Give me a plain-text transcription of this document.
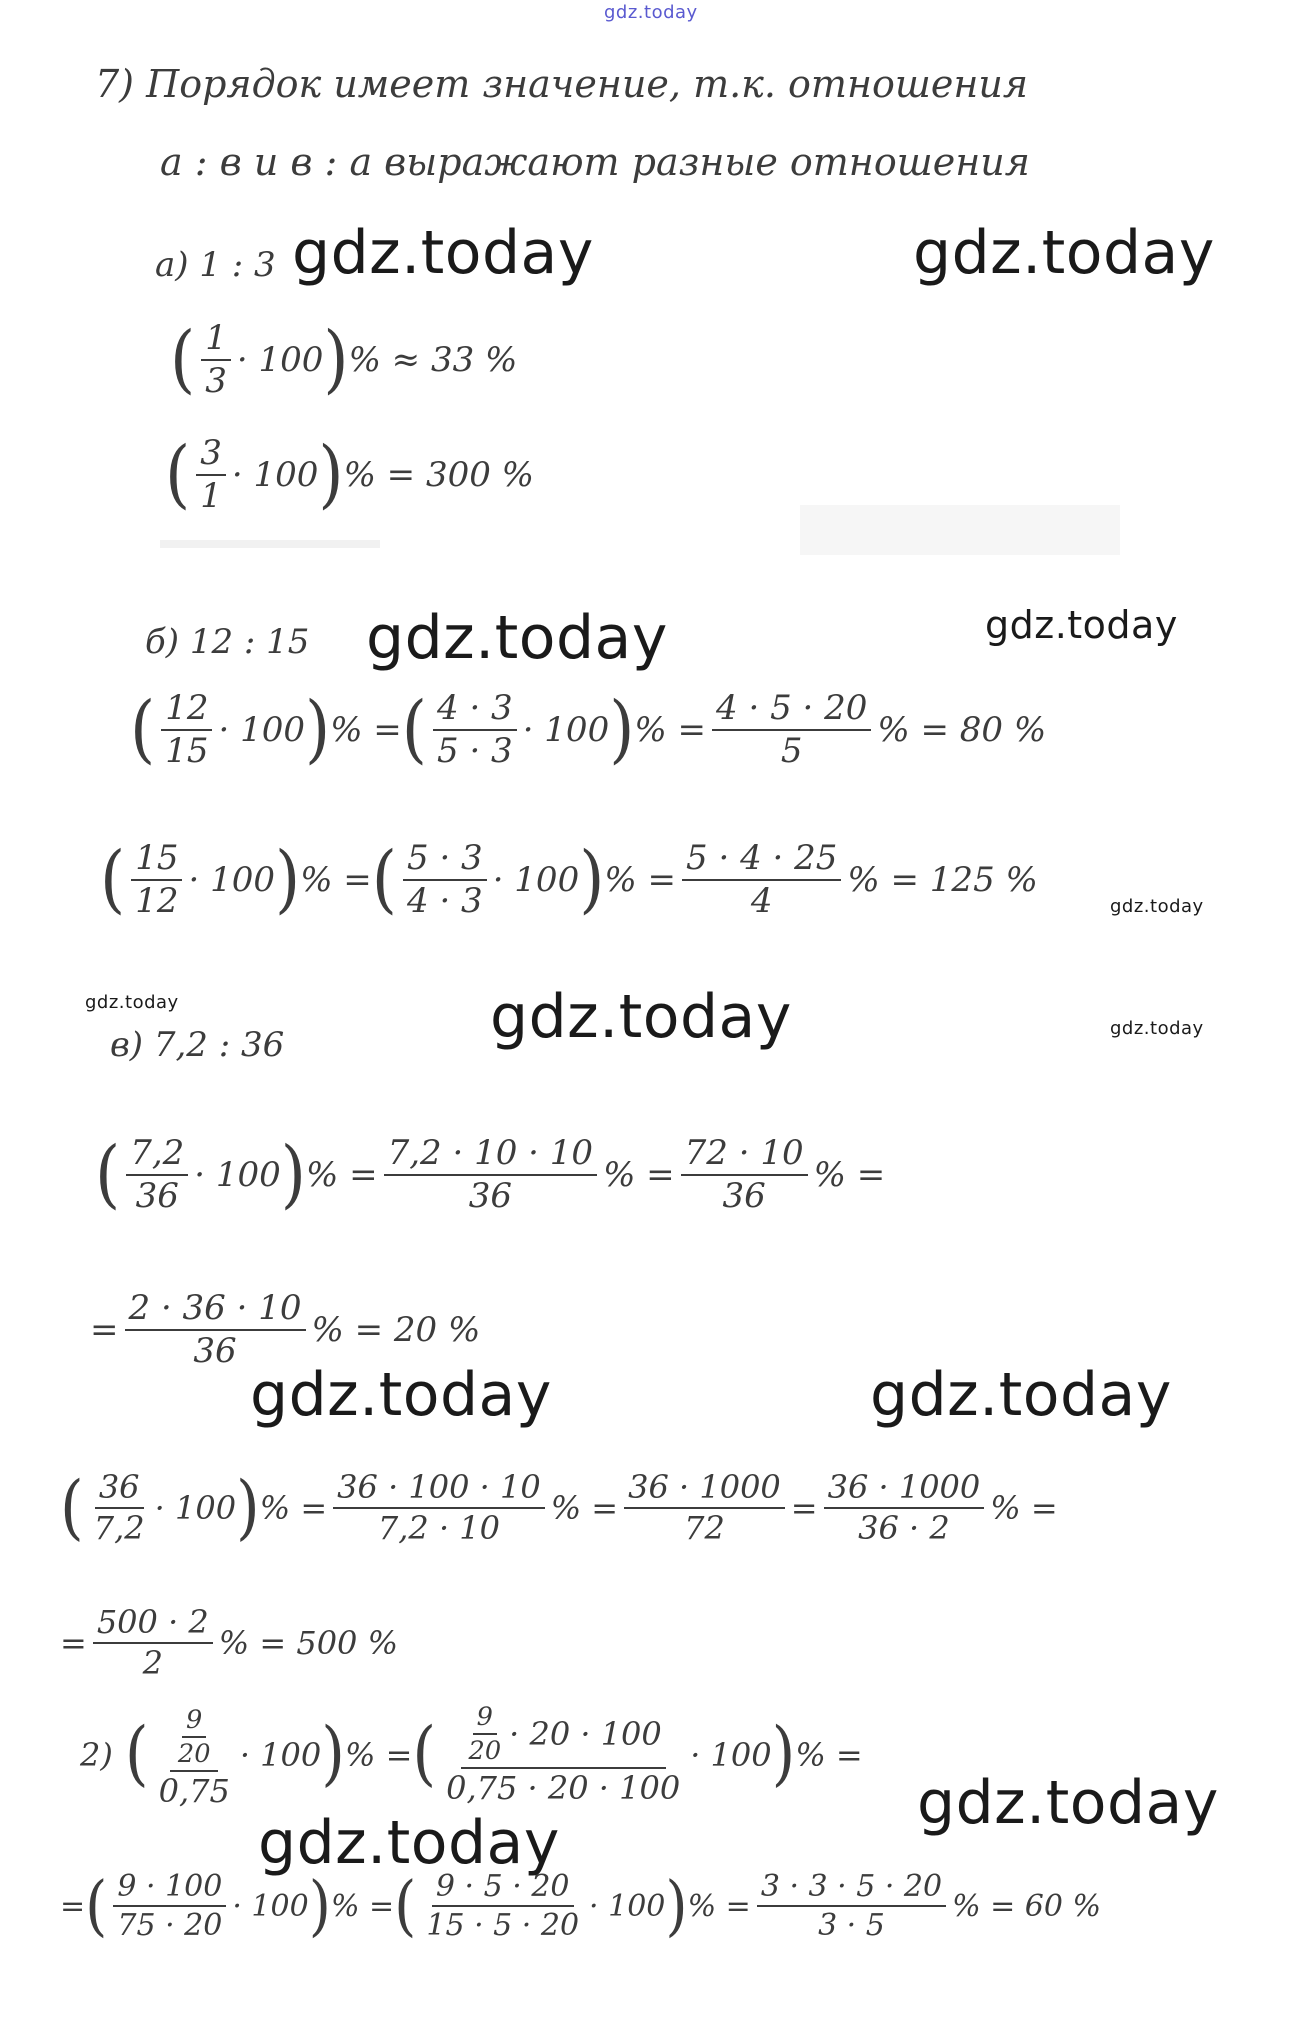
gdz.today
7) Порядок имеет значение, т.к. отношения
a : в и в : a выражают разные отношения
а) 1 : 3 gdz.today	gdz.today
( $\frac{1}{3} \cdot 100$ ) % ≈ 33 %
( $\frac{3}{1} \cdot 100$ ) % = 300 %
б) 12 : 15 gdz.today	gdz.today
( $\frac{12}{15} \cdot 100$ ) % = ( $\frac{4 \cdot 3}{5 \cdot 3} \cdot 100$ ) % = $\frac{4 \cdot 5 \cdot 20}{5}$ % = 80 %
( $\frac{15}{12} \cdot 100$ ) % = ( $\frac{5 \cdot 3}{4 \cdot 3} \cdot 100$ ) % = $\frac{5 \cdot 4 \cdot 25}{4}$ % = 125 %
gdz.today
gdz.today
в) 7,2 : 36	gdz.today	gdz.today
( $\frac{7,2}{36} \cdot 100$ ) % = $\frac{7,2 \cdot 10 \cdot 10}{36}$ % = $\frac{72 \cdot 10}{36}$ % =
= $\frac{2 \cdot 36 \cdot 10}{36}$ % = 20 %
gdz.today	gdz.today
( $\frac{36}{7,2} \cdot 100$ ) % = $\frac{36 \cdot 100 \cdot 10}{7,2 \cdot 10}$ % = $\frac{36 \cdot 1000}{72} = \frac{36 \cdot 1000}{36 \cdot 2}$ % =
= $\frac{500 \cdot 2}{2}$ % = 500 %
2) ( $\frac{\frac{9}{20}}{0,75} \cdot 100$ ) % = ( $\frac{\frac{9}{20} \cdot 20 \cdot 100}{0,75 \cdot 20 \cdot 100} \cdot 100$ ) % =
gdz.today
gdz.today
= ( $\frac{9 \cdot 100}{75 \cdot 20} \cdot 100$ ) % = ( $\frac{9 \cdot 5 \cdot 20}{15 \cdot 5 \cdot 20} \cdot 100$ ) % = $\frac{3 \cdot 3 \cdot 5 \cdot 20}{3 \cdot 5}$ % = 60 %
gdz.today
